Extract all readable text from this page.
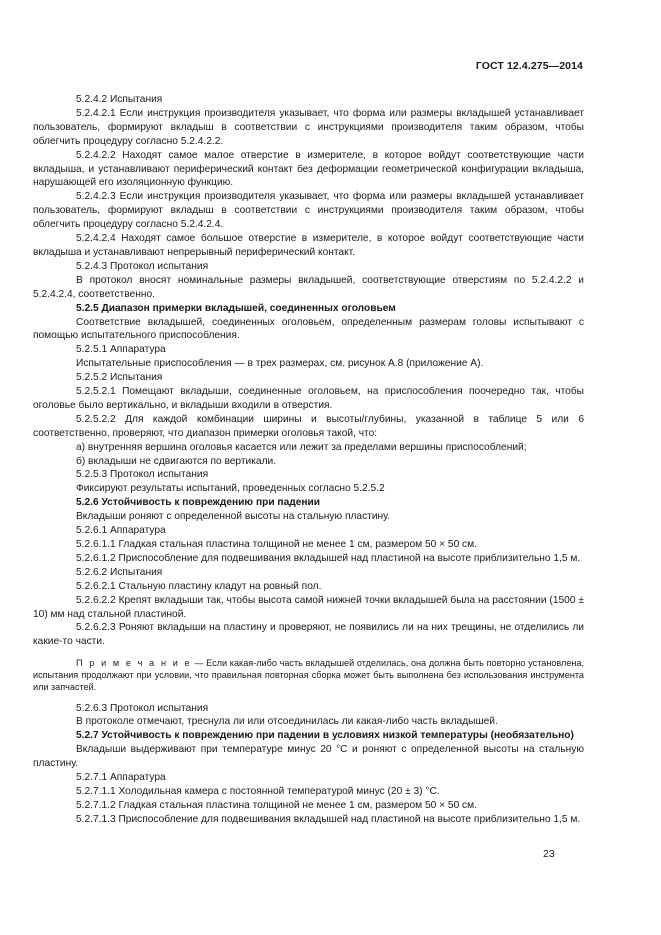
ГОСТ 12.4.275—2014

5.2.4.2 Испытания

5.2.4.2.1 Если инструкция производителя указывает, что форма или размеры вкладышей устанавливает пользователь, формируют вкладыш в соответствии с инструкциями производителя таким образом, чтобы облегчить процедуру согласно 5.2.4.2.2.

5.2.4.2.2 Находят самое малое отверстие в измерителе, в которое войдут соответствующие части вкладыша, и устанавливают периферический контакт без деформации геометрической конфигурации вкладыша, нарушающей его изоляционную функцию.

5.2.4.2.3 Если инструкция производителя указывает, что форма или размеры вкладышей устанавливает пользователь, формируют вкладыш в соответствии с инструкциями производителя таким образом, чтобы облегчить процедуру согласно 5.2.4.2.4.

5.2.4.2.4 Находят самое большое отверстие в измерителе, в которое войдут соответствующие части вкладыша и устанавливают непрерывный периферический контакт.

5.2.4.3 Протокол испытания

В протокол вносят номинальные размеры вкладышей, соответствующие отверстиям по 5.2.4.2.2 и 5.2.4.2.4, соответственно.

5.2.5 Диапазон примерки вкладышей, соединенных оголовьем

Соответствие вкладышей, соединенных оголовьем, определенным размерам головы испытывают с помощью испытательного приспособления.

5.2.5.1 Аппаратура

Испытательные приспособления — в трех размерах, см. рисунок А.8 (приложение А).

5.2.5.2 Испытания

5.2.5.2.1 Помещают вкладыши, соединенные оголовьем, на приспособления поочередно так, чтобы оголовье было вертикально, и вкладыши входили в отверстия.

5.2.5.2.2 Для каждой комбинации ширины и высоты/глубины, указанной в таблице 5 или 6 соответственно, проверяют, что диапазон примерки оголовья такой, что:

а) внутренняя вершина оголовья касается или лежит за пределами вершины приспособлений;

б) вкладыши не сдвигаются по вертикали.

5.2.5.3 Протокол испытания

Фиксируют результаты испытаний, проведенных согласно 5.2.5.2

5.2.6 Устойчивость к повреждению при падении

Вкладыши роняют с определенной высоты на стальную пластину.

5.2.6.1 Аппаратура

5.2.6.1.1 Гладкая стальная пластина толщиной не менее 1 см, размером 50 × 50 см.

5.2.6.1.2 Приспособление для подвешивания вкладышей над пластиной на высоте приблизительно 1,5 м.

5.2.6.2 Испытания

5.2.6.2.1 Стальную пластину кладут на ровный пол.

5.2.6.2.2 Крепят вкладыши так, чтобы высота самой нижней точки вкладышей была на расстоянии (1500 ± 10) мм над стальной пластиной.

5.2.6.2.3 Роняют вкладыши на пластину и проверяют, не появились ли на них трещины, не отделились ли какие-то части.

П р и м е ч а н и е — Если какая-либо часть вкладышей отделилась, она должна быть повторно установлена, испытания продолжают при условии, что правильная повторная сборка может быть выполнена без использования инструмента или запчастей.

5.2.6.3 Протокол испытания

В протоколе отмечают, треснула ли или отсоединилась ли какая-либо часть вкладышей.

5.2.7 Устойчивость к повреждению при падении в условиях низкой температуры (необязательно)

Вкладыши выдерживают при температуре минус 20 °С и роняют с определенной высоты на стальную пластину.

5.2.7.1 Аппаратура

5.2.7.1.1 Холодильная камера с постоянной температурой минус (20 ± 3) °С.

5.2.7.1.2 Гладкая стальная пластина толщиной не менее 1 см, размером 50 × 50 см.

5.2.7.1.3 Приспособление для подвешивания вкладышей над пластиной на высоте приблизительно 1,5 м.

23
